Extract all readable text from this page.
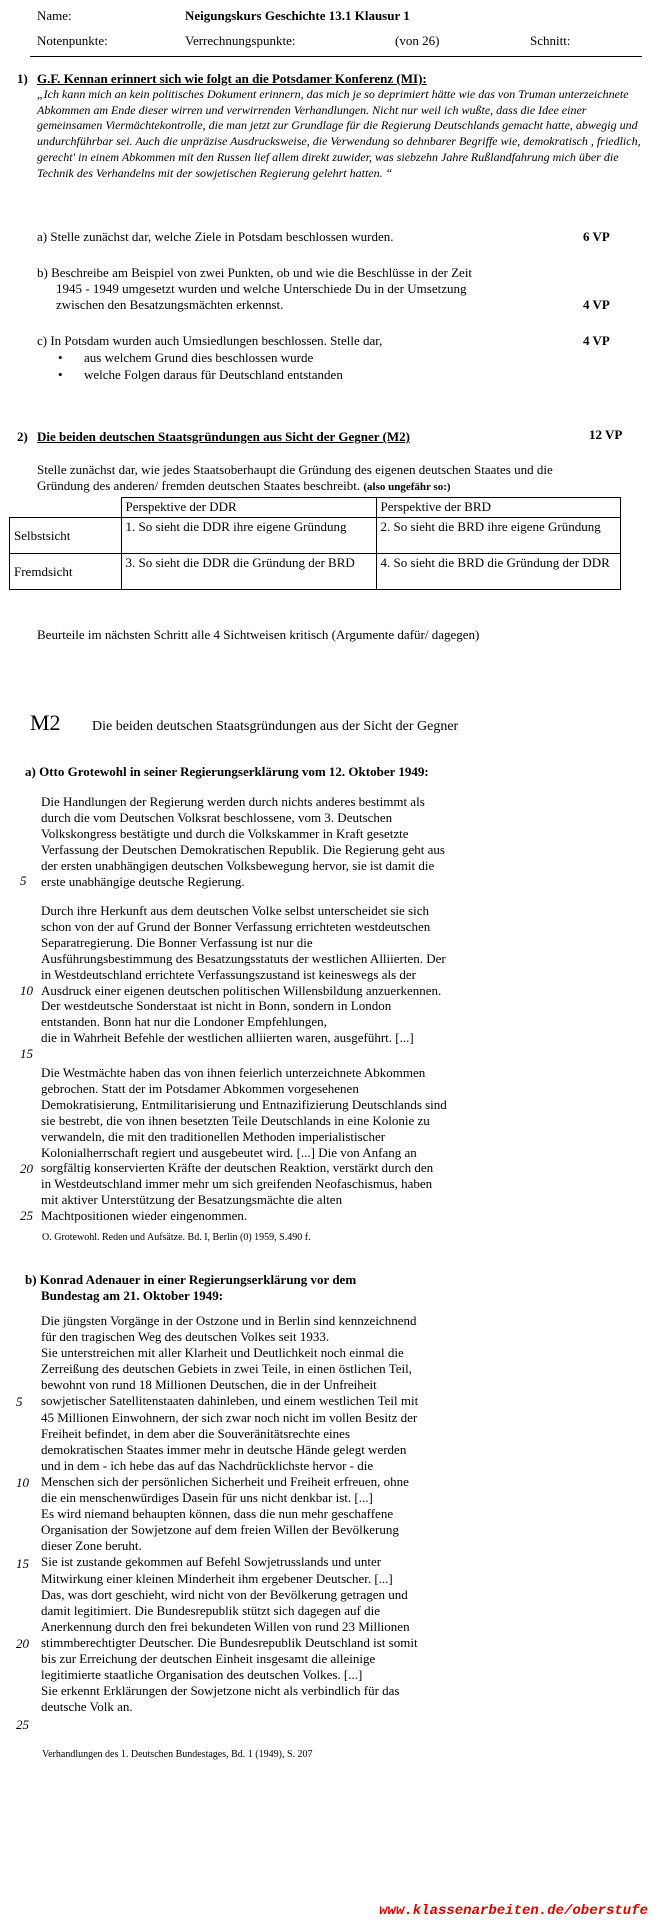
Name:	Neigungskurs Geschichte 13.1 Klausur 1
Notenpunkte:	Verrechnungspunkte:	(von 26)	Schnitt:
1) G.F. Kennan erinnert sich wie folgt an die Potsdamer Konferenz (MI):
„Ich kann mich an kein politisches Dokument erinnern, das mich je so deprimiert hätte wie das von Truman unterzeichnete Abkommen am Ende dieser wirren und verwirrenden Verhandlungen. Nicht nur weil ich wußte, dass die Idee einer gemeinsamen Viermächtekontrolle, die man jetzt zur Grundlage für die Regierung Deutschlands gemacht hatte, abwegig und undurchführbar sei. Auch die unpräzise Ausdrucksweise, die Verwendung so dehnbarer Begriffe wie, demokratisch , friedlich, gerecht' in einem Abkommen mit den Russen lief allem direkt zuwider, was siebzehn Jahre Rußlandfahrung mich über die Technik des Verhandelns mit der sowjetischen Regierung gelehrt hatten. “
a) Stelle zunächst dar, welche Ziele in Potsdam beschlossen wurden.	6 VP
b) Beschreibe am Beispiel von zwei Punkten, ob und wie die Beschlüsse in der Zeit
1945 - 1949 umgesetzt wurden und welche Unterschiede Du in der Umsetzung
zwischen den Besatzungsmächten erkennst.	4 VP
c) In Potsdam wurden auch Umsiedlungen beschlossen. Stelle dar,	4 VP
• aus welchem Grund dies beschlossen wurde
• welche Folgen daraus für Deutschland entstanden
2) Die beiden deutschen Staatsgründungen aus Sicht der Gegner (M2)	12 VP
Stelle zunächst dar, wie jedes Staatsoberhaupt die Gründung des eigenen deutschen Staates und die
Gründung des anderen/ fremden deutschen Staates beschreibt. (also ungefähr so:)
	Perspektive der DDR	Perspektive der BRD
Selbstsicht	1. So sieht die DDR ihre eigene Gründung	2. So sieht die BRD ihre eigene Gründung
Fremdsicht	3. So sieht die DDR die Gründung der BRD	4. So sieht die BRD die Gründung der DDR
Beurteile im nächsten Schritt alle 4 Sichtweisen kritisch (Argumente dafür/ dagegen)
M2 Die beiden deutschen Staatsgründungen aus der Sicht der Gegner
a) Otto Grotewohl in seiner Regierungserklärung vom 12. Oktober 1949:

Die Handlungen der Regierung werden durch nichts anderes bestimmt als

durch die vom Deutschen Volksrat beschlossene, vom 3. Deutschen

Volkskongress bestätigte und durch die Volkskammer in Kraft gesetzte

Verfassung der Deutschen Demokratischen Republik. Die Regierung geht aus

der ersten unabhängigen deutschen Volksbewegung hervor, sie ist damit die

erste unabhängige deutsche Regierung.

Durch ihre Herkunft aus dem deutschen Volke selbst unterscheidet sie sich

schon von der auf Grund der Bonner Verfassung errichteten westdeutschen

Separatregierung. Die Bonner Verfassung ist nur die

Ausführungsbestimmung des Besatzungsstatuts der westlichen Alliierten. Der

in Westdeutschland errichtete Verfassungszustand ist keineswegs als der

Ausdruck einer eigenen deutschen politischen Willensbildung anzuerkennen.

Der westdeutsche Sonderstaat ist nicht in Bonn, sondern in London

entstanden. Bonn hat nur die Londoner Empfehlungen,

die in Wahrheit Befehle der westlichen alliierten waren, ausgeführt. [...]

Die Westmächte haben das von ihnen feierlich unterzeichnete Abkommen

gebrochen. Statt der im Potsdamer Abkommen vorgesehenen

Demokratisierung, Entmilitarisierung und Entnazifizierung Deutschlands sind

sie bestrebt, die von ihnen besetzten Teile Deutschlands in eine Kolonie zu

verwandeln, die mit den traditionellen Methoden imperialistischer

Kolonialherrschaft regiert und ausgebeutet wird. [...] Die von Anfang an

sorgfältig konservierten Kräfte der deutschen Reaktion, verstärkt durch den

in Westdeutschland immer mehr um sich greifenden Neofaschismus, haben

mit aktiver Unterstützung der Besatzungsmächte die alten

Machtpositionen wieder eingenommen.

O. Grotewohl. Reden und Aufsätze. Bd. I, Berlin (0) 1959, S.490 f.
5
10
15
20
25
b) Konrad Adenauer in einer Regierungserklärung vor dem
Bundestag am 21. Oktober 1949:

Die jüngsten Vorgänge in der Ostzone und in Berlin sind kennzeichnend

für den tragischen Weg des deutschen Volkes seit 1933.

Sie unterstreichen mit aller Klarheit und Deutlichkeit noch einmal die

Zerreißung des deutschen Gebiets in zwei Teile, in einen östlichen Teil,

bewohnt von rund 18 Millionen Deutschen, die in der Unfreiheit

sowjetischer Satellitenstaaten dahinleben, und einem westlichen Teil mit

45 Millionen Einwohnern, der sich zwar noch nicht im vollen Besitz der

Freiheit befindet, in dem aber die Souveränitätsrechte eines

demokratischen Staates immer mehr in deutsche Hände gelegt werden

und in dem - ich hebe das auf das Nachdrücklichste hervor - die

Menschen sich der persönlichen Sicherheit und Freiheit erfreuen, ohne

die ein menschenwürdiges Dasein für uns nicht denkbar ist. [...]

Es wird niemand behaupten können, dass die nun mehr geschaffene

Organisation der Sowjetzone auf dem freien Willen der Bevölkerung

dieser Zone beruht.

Sie ist zustande gekommen auf Befehl Sowjetrusslands und unter

Mitwirkung einer kleinen Minderheit ihm ergebener Deutscher. [...]

Das, was dort geschieht, wird nicht von der Bevölkerung getragen und

damit legitimiert. Die Bundesrepublik stützt sich dagegen auf die

Anerkennung durch den frei bekundeten Willen von rund 23 Millionen

stimmberechtigter Deutscher. Die Bundesrepublik Deutschland ist somit

bis zur Erreichung der deutschen Einheit insgesamt die alleinige

legitimierte staatliche Organisation des deutschen Volkes. [...]

Sie erkennt Erklärungen der Sowjetzone nicht als verbindlich für das

deutsche Volk an.

5
10
15
20
25
Verhandlungen des 1. Deutschen Bundestages, Bd. 1 (1949), S. 207
www.klassenarbeiten.de/oberstufe
